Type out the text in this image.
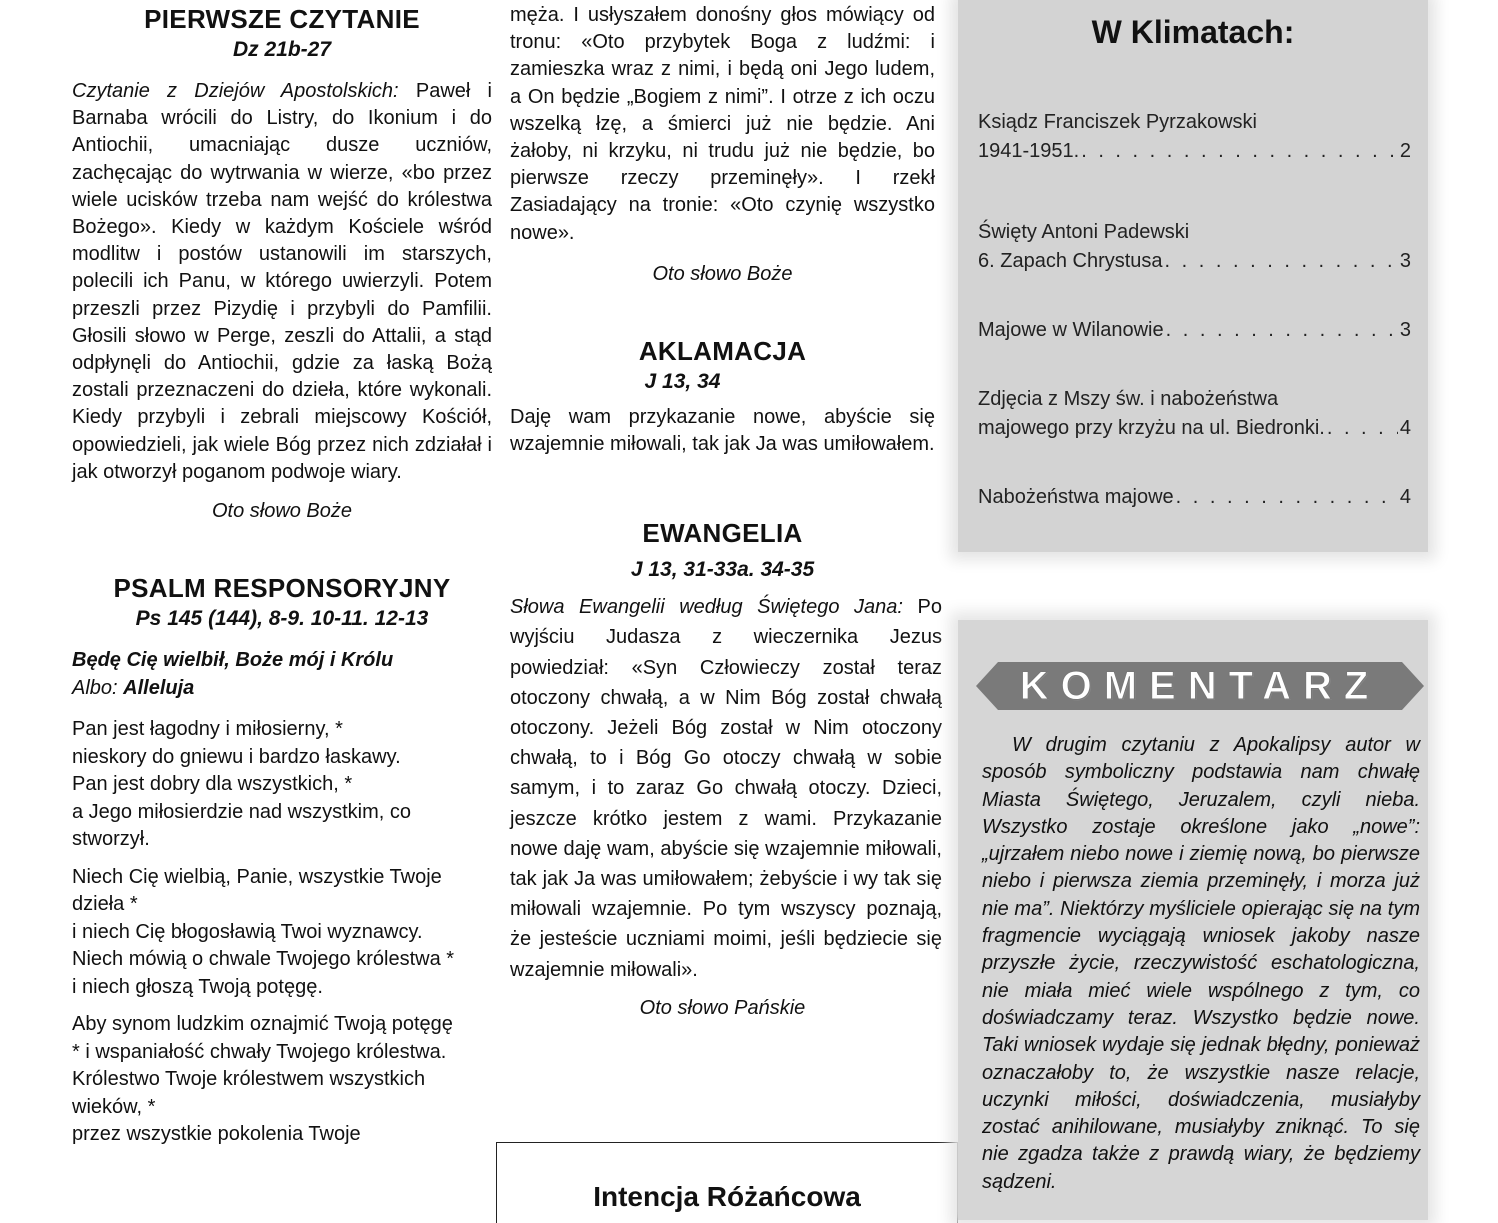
PIERWSZE CZYTANIE
Dz 21b-27

Czytanie z Dziejów Apostolskich: Paweł i Barnaba wrócili do Listry, do Ikonium i do Antiochii, umacniając dusze uczniów, zachęcając do wytrwania w wierze, «bo przez wiele ucisków trzeba nam wejść do królestwa Bożego». Kiedy w każdym Kościele wśród modlitw i postów ustanowili im starszych, polecili ich Panu, w którego uwierzyli. Potem przeszli przez Pizydię i przybyli do Pamfilii. Głosili słowo w Perge, zeszli do Attalii, a stąd odpłynęli do Antiochii, gdzie za łaską Bożą zostali przeznaczeni do dzieła, które wykonali. Kiedy przybyli i zebrali miejscowy Kościół, opowiedzieli, jak wiele Bóg przez nich zdziałał i jak otworzył poganom podwoje wiary.

Oto słowo Boże
PSALM RESPONSORYJNY
Ps 145 (144), 8-9. 10-11. 12-13
Będę Cię wielbił, Boże mój i Królu
Albo: Alleluja

Pan jest łagodny i miłosierny, *

nieskory do gniewu i bardzo łaskawy.

Pan jest dobry dla wszystkich, *

a Jego miłosierdzie nad wszystkim, co stworzył.

Niech Cię wielbią, Panie, wszystkie Twoje dzieła *

i niech Cię błogosławią Twoi wyznawcy.

Niech mówią o chwale Twojego królestwa *

i niech głoszą Twoją potęgę.

Aby synom ludzkim oznajmić Twoją potęgę

* i wspaniałość chwały Twojego królestwa.

Królestwo Twoje królestwem wszystkich wieków, *

przez wszystkie pokolenia Twoje

męża. I usłyszałem donośny głos mówiący od tronu: «Oto przybytek Boga z ludźmi: i zamieszka wraz z nimi, i będą oni Jego ludem, a On będzie „Bogiem z nimi”. I otrze z ich oczu wszelką łzę, a śmierci już nie będzie. Ani żałoby, ni krzyku, ni trudu już nie będzie, bo pierwsze rzeczy przeminęły». I rzekł Zasiadający na tronie: «Oto czynię wszystko nowe».

Oto słowo Boże
AKLAMACJA
J 13, 34

Daję wam przykazanie nowe, abyście się wzajemnie miłowali, tak jak Ja was umiłowałem.

EWANGELIA
J 13, 31-33a. 34-35

Słowa Ewangelii według Świętego Jana: Po wyjściu Judasza z wieczernika Jezus powiedział: «Syn Człowieczy został teraz otoczony chwałą, a w Nim Bóg został chwałą otoczony. Jeżeli Bóg został w Nim otoczony chwałą, to i Bóg Go otoczy chwałą w sobie samym, i to zaraz Go chwałą otoczy. Dzieci, jeszcze krótko jestem z wami. Przykazanie nowe daję wam, abyście się wzajemnie miłowali, tak jak Ja was umiłowałem; żebyście i wy tak się miłowali wzajemnie. Po tym wszyscy poznają, że jesteście uczniami moimi, jeśli będziecie się wzajemnie miłowali».

Oto słowo Pańskie
Intencja Różańcowa
W Klimatach:
Ksiądz Franciszek Pyrzakowski
1941-1951. . . .	2
Święty Antoni Padewski
6. Zapach Chrystusa . . .	3
Majowe w Wilanowie . . .	3
Zdjęcia z Mszy św. i nabożeństwa
majowego przy krzyżu na ul. Biedronki. . . .	4
Nabożeństwa majowe . . .	4
KOMENTARZ

W drugim czytaniu z Apokalipsy autor w sposób symboliczny podstawia nam chwałę Miasta Świętego, Jeruzalem, czyli nieba. Wszystko zostaje określone jako „nowe”: „ujrzałem niebo nowe i ziemię nową, bo pierwsze niebo i pierwsza ziemia przeminęły, i morza już nie ma”. Niektórzy myśliciele opierając się na tym fragmencie wyciągają wniosek jakoby nasze przyszłe życie, rzeczywistość eschatologiczna, nie miała mieć wiele wspólnego z tym, co doświadczamy teraz. Wszystko będzie nowe. Taki wniosek wydaje się jednak błędny, ponieważ oznaczałoby to, że wszystkie nasze relacje, uczynki miłości, doświadczenia, musiałyby zostać anihilowane, musiałyby zniknąć. To się nie zgadza także z prawdą wiary, że będziemy sądzeni.
